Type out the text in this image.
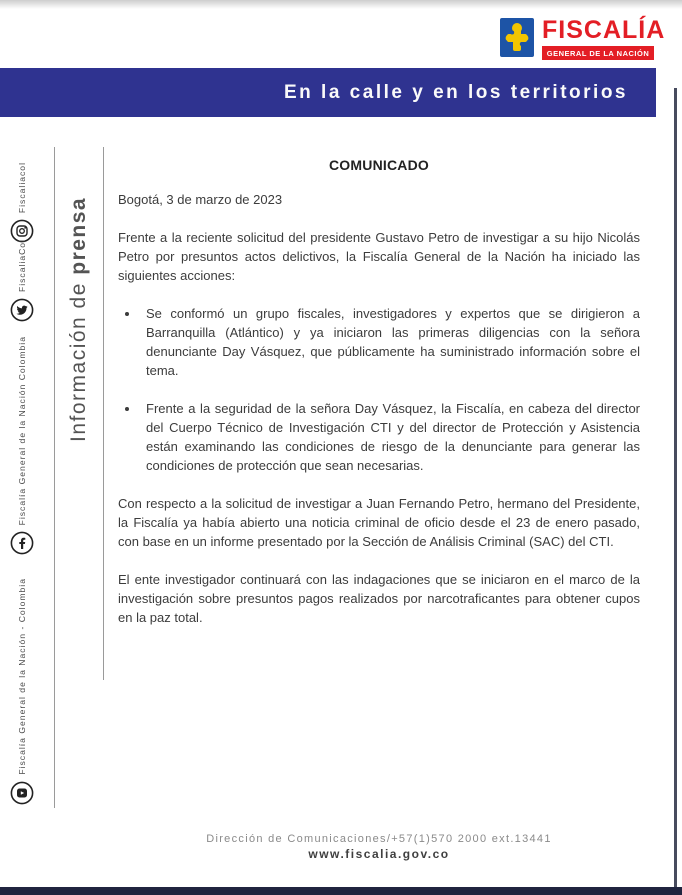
FISCALÍA
GENERAL DE LA NACIÓN
En la calle y en los territorios
Información de prensa
Fiscaliacol
FiscaliaCol
Fiscalía General de la Nación Colombia
Fiscalía General de la Nación - Colombia
COMUNICADO
Bogotá, 3 de marzo de 2023

Frente a la reciente solicitud del presidente Gustavo Petro de investigar a su hijo Nicolás Petro por presuntos actos delictivos, la Fiscalía General de la Nación ha iniciado las siguientes acciones:

• Se conformó un grupo fiscales, investigadores y expertos que se dirigieron a Barranquilla (Atlántico) y ya iniciaron las primeras diligencias con la señora denunciante Day Vásquez, que públicamente ha suministrado información sobre el tema.
• Frente a la seguridad de la señora Day Vásquez, la Fiscalía, en cabeza del director del Cuerpo Técnico de Investigación CTI y del director de Protección y Asistencia están examinando las condiciones de riesgo de la denunciante para generar las condiciones de protección que sean necesarias.

Con respecto a la solicitud de investigar a Juan Fernando Petro, hermano del Presidente, la Fiscalía ya había abierto una noticia criminal de oficio desde el 23 de enero pasado, con base en un informe presentado por la Sección de Análisis Criminal (SAC) del CTI.

El ente investigador continuará con las indagaciones que se iniciaron en el marco de la investigación sobre presuntos pagos realizados por narcotraficantes para obtener cupos en la paz total.

Dirección de Comunicaciones/+57(1)570 2000 ext.13441
www.fiscalia.gov.co
